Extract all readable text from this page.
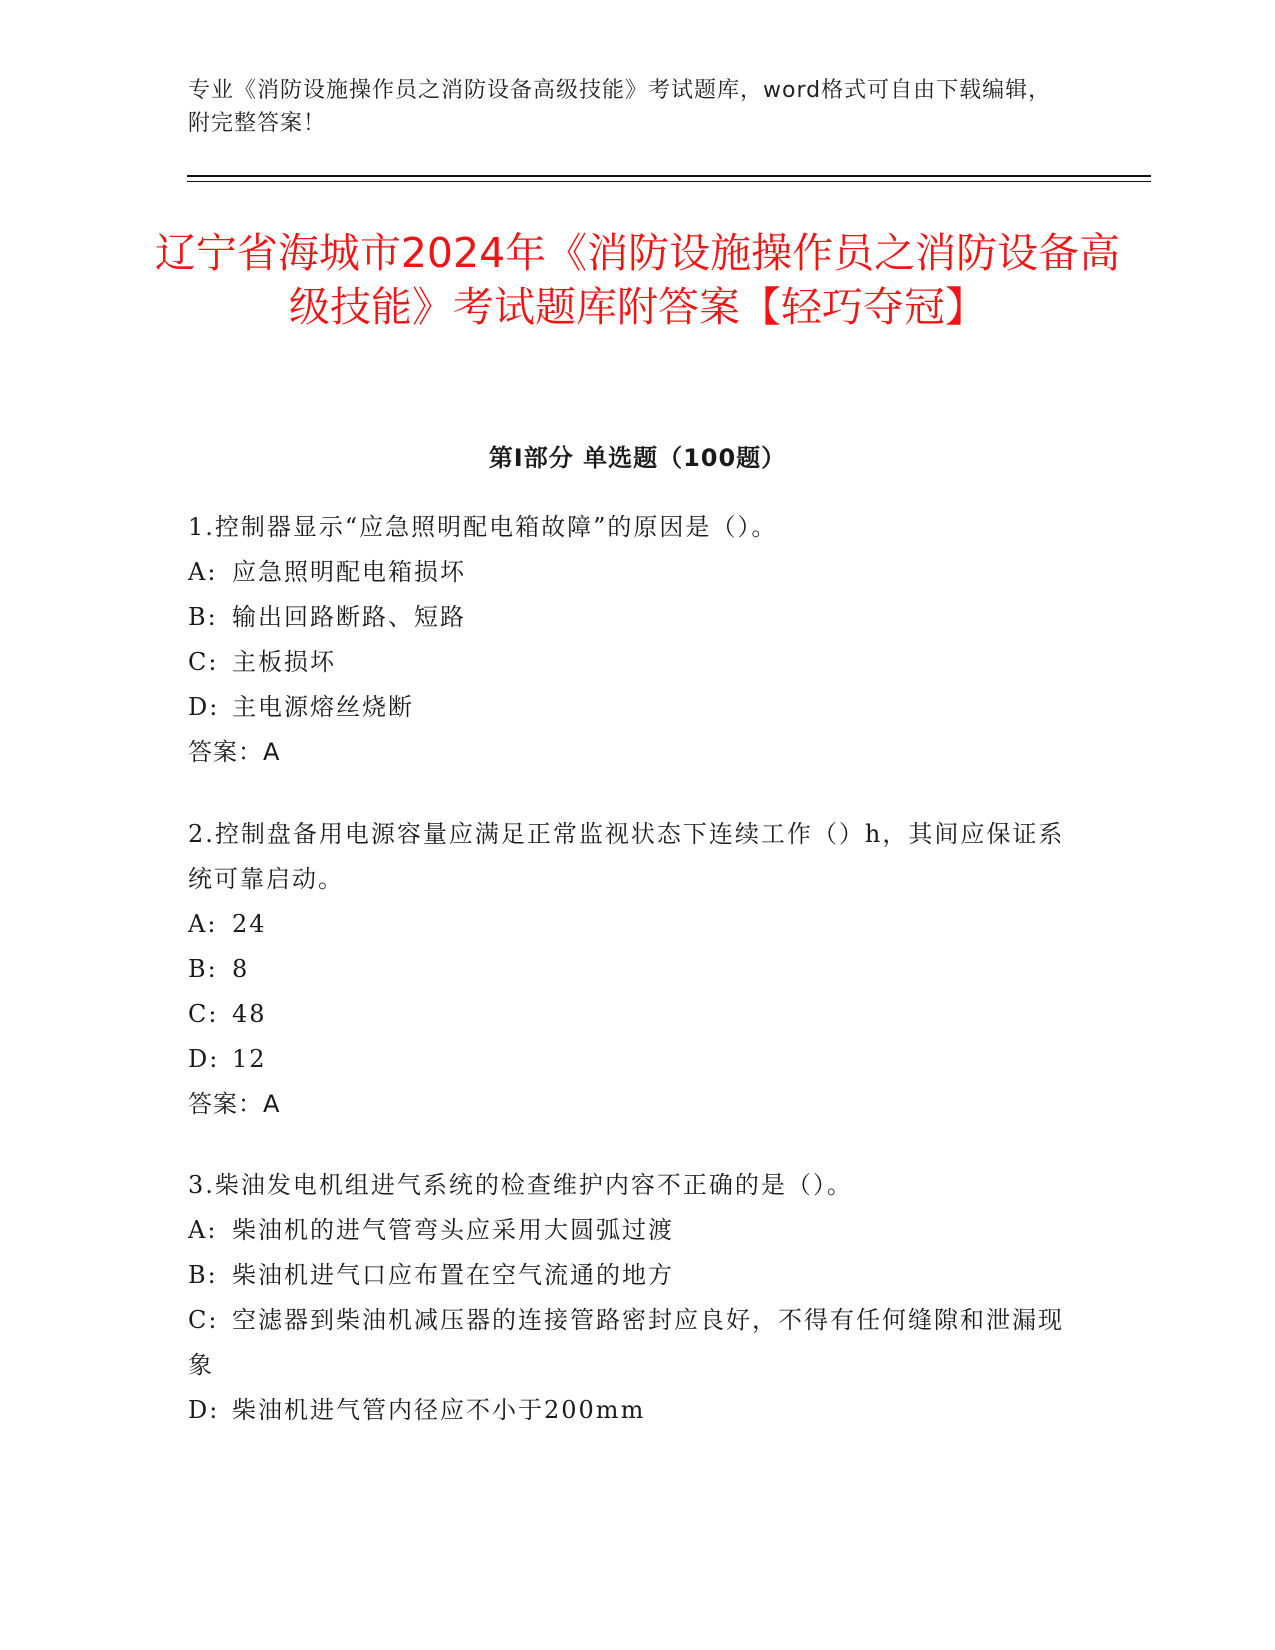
专业《消防设施操作员之消防设备高级技能》考试题库，word格式可自由下载编辑，附完整答案！
辽宁省海城市2024年《消防设施操作员之消防设备高级技能》考试题库附答案【轻巧夺冠】
第I部分 单选题（100题）
1.控制器显示“应急照明配电箱故障”的原因是（）。
A: 应急照明配电箱损坏
B: 输出回路断路、短路
C: 主板损坏
D: 主电源熔丝烧断
答案：A
2.控制盘备用电源容量应满足正常监视状态下连续工作（）h，其间应保证系统可靠启动。
A: 24
B: 8
C: 48
D: 12
答案：A
3.柴油发电机组进气系统的检查维护内容不正确的是（）。
A: 柴油机的进气管弯头应采用大圆弧过渡
B: 柴油机进气口应布置在空气流通的地方
C: 空滤器到柴油机减压器的连接管路密封应良好，不得有任何缝隙和泄漏现象
D: 柴油机进气管内径应不小于200mm
